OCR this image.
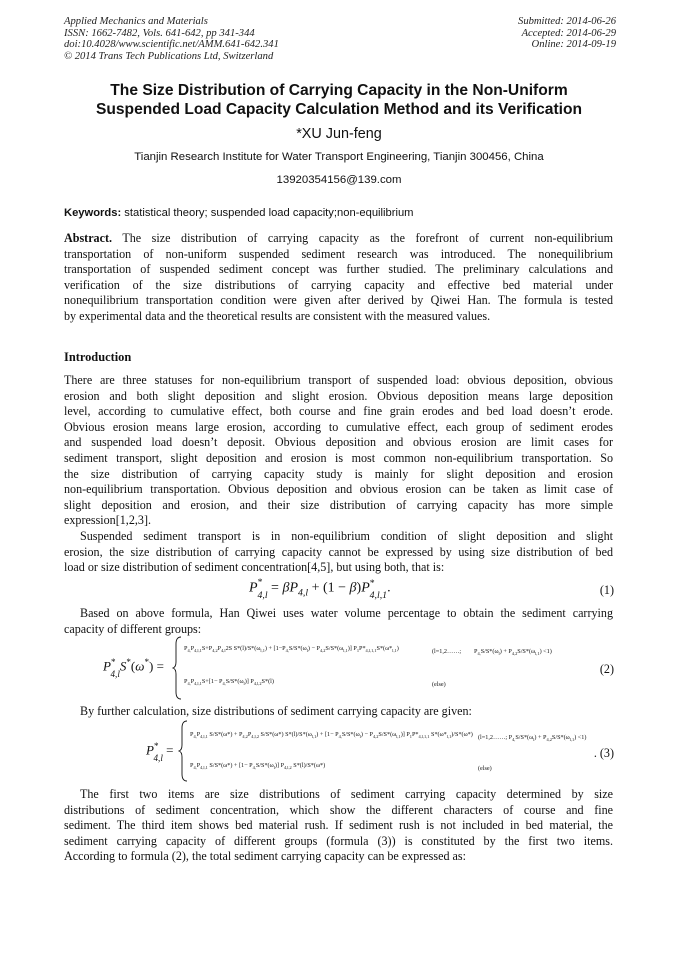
Applied Mechanics and Materials
ISSN: 1662-7482, Vols. 641-642, pp 341-344
doi:10.4028/www.scientific.net/AMM.641-642.341
© 2014 Trans Tech Publications Ltd, Switzerland
Submitted: 2014-06-26
Accepted: 2014-06-29
Online: 2014-09-19
The Size Distribution of Carrying Capacity in the Non-Uniform
Suspended Load Capacity Calculation Method and its Verification
*XU Jun-feng
Tianjin Research Institute for Water Transport Engineering, Tianjin 300456, China
13920354156@139.com
Keywords: statistical theory; suspended load capacity;non-equilibrium
Abstract. The size distribution of carrying capacity as the forefront of current non-equilibrium
transportation of non-uniform suspended sediment research was introduced. The nonequilibrium
transportation of suspended sediment concept was further studied. The preliminary calculations and
verification of the size distributions of carrying capacity and effective bed material under
nonequilibrium transportation condition were given after derived by Qiwei Han. The formula is tested
by experimental data and the theoretical results are consistent with the measured values.
Introduction
There are three statuses for non-equilibrium transport of suspended load: obvious deposition, obvious
erosion and both slight deposition and slight erosion. Obvious deposition means large deposition
level, according to cumulative effect, both course and fine grain erodes and bed load doesn’t erode.
Obvious erosion means large erosion, according to cumulative effect, each group of sediment erodes
and suspended load doesn’t deposit. Obvious deposition and obvious erosion are limit cases for
sediment transport, slight deposition and erosion is most common non-equilibrium transportation. So
the size distribution of carrying capacity study is mainly for slight deposition and erosion
non-equilibrium transportation. Obvious deposition and obvious erosion can be taken as limit case of
slight deposition and erosion, and their size distribution of carrying capacity has more simple
expression[1,2,3].
Suspended sediment transport is in non-equilibrium condition of slight deposition and slight
erosion, the size distribution of carrying capacity cannot be expressed by using size distribution of bed
load or size distribution of sediment concentration[4,5], but using both, that is:
$P^*_{4,l} = \beta P_{4,l} + (1 - \beta)P^*_{4,l,1}$.	(1)
Based on above formula, Han Qiwei uses water volume percentage to obtain the sediment carrying
capacity of different groups:
$P^*_{4,l}S^*(\omega^*)$ =
$P_{4,}P_{4,l,1}S+P_{4,2}P_{4,l}2S$ $S*(l)/S*(\omega_{l,1}) + [1-P_{4,}S/S*(\omega_l) - P_{4,2}S/S*(\omega_{l,1})]$ $P_1P*_{4,l,1,1}S*(\omega*_{l,1})$	(l=1,2……; $P_{4,}S/S*(\omega_l) + P_{4,2}S/S*(\omega_{l,1}) <1$)
$P_{4,}P_{4,l,1}S+[1- P_{4,}S/S*(\omega_l)]$ $P_{4,l,2}S*(l)$	(else)
(2)
By further calculation, size distributions of sediment carrying capacity are given:
$P^*_{4,l}$ =
$P_{4,}P_{4,l,1}$ $S/S*(\omega*) + P_{4,2}P_{4,l,2}$ S/S*(ω*) $S*(l)/S*(\omega_{l,1}) + [1- P_{4,}S/S*(\omega_l) - P_{4,2}S/S*(\omega_{l,1})]$ $P_1P*_{4,l,1,1}$ $S*(\omega*_{l,1})/S*(\omega*)$ (l=1,2……; $P_{4,}S/S*(\omega_l) + P_{4,2}S/S*(\omega_{l,1}) <1$)
$P_{4,}P_{4,l,1}$ $S/S*(\omega*) + [1- P_{4,}S/S*(\omega_l)]$ $P_{4,l,2}$ S*(l)/S*(ω*)	(else)
. (3)
The first two items are size distributions of sediment carrying capacity determined by size
distributions of sediment concentration, which show the different characters of course and fine
sediment. The third item shows bed material rush. If sediment rush is not included in bed material, the
sediment carrying capacity of different groups (formula (3)) is constituted by the first two items.
According to formula (2), the total sediment carrying capacity can be expressed as:
